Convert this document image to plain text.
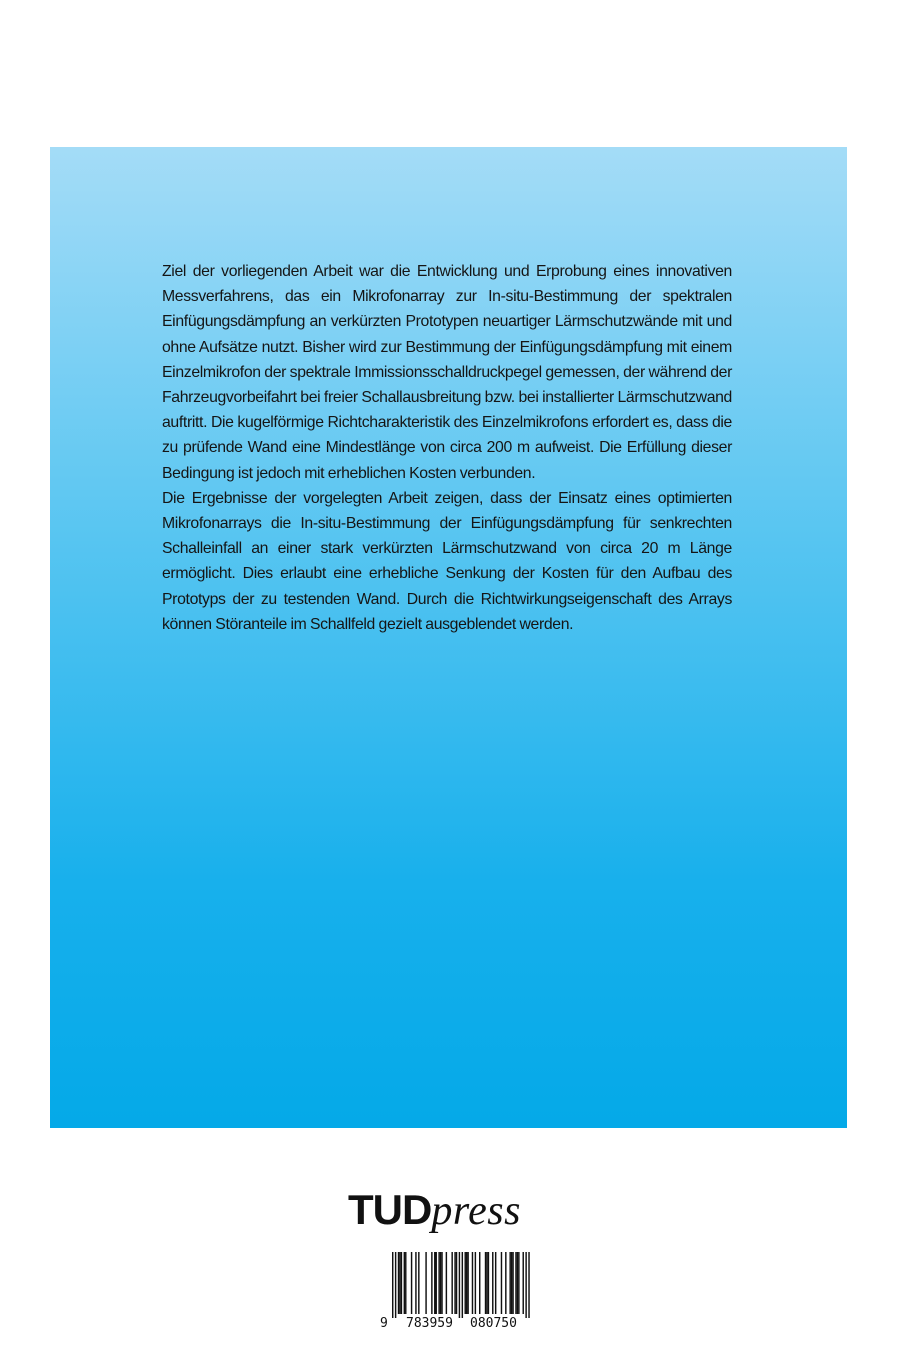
Ziel der vorliegenden Arbeit war die Entwicklung und Erprobung eines innovativen Messverfahrens, das ein Mikrofonarray zur In-situ-Bestimmung der spektralen Einfügungsdämpfung an verkürzten Prototypen neuartiger Lärmschutzwände mit und ohne Aufsätze nutzt. Bisher wird zur Bestimmung der Einfügungsdämpfung mit einem Einzelmikrofon der spektrale Immissionsschalldruckpegel gemessen, der während der Fahrzeugvorbeifahrt bei freier Schallausbreitung bzw. bei installierter Lärmschutzwand auftritt. Die kugelförmige Richtcharakteristik des Einzelmikrofons erfordert es, dass die zu prüfende Wand eine Mindestlänge von circa 200 m aufweist. Die Erfüllung dieser Bedingung ist jedoch mit erheblichen Kosten verbunden.

Die Ergebnisse der vorgelegten Arbeit zeigen, dass der Einsatz eines optimierten Mikrofonarrays die In-situ-Bestimmung der Einfügungsdämpfung für senkrechten Schalleinfall an einer stark verkürzten Lärmschutzwand von circa 20 m Länge ermöglicht. Dies erlaubt eine erhebliche Senkung der Kosten für den Aufbau des Prototyps der zu testenden Wand. Durch die Richtwirkungseigenschaft des Arrays können Störanteile im Schallfeld gezielt ausgeblendet werden.

TUDpress
9 783959 080750
